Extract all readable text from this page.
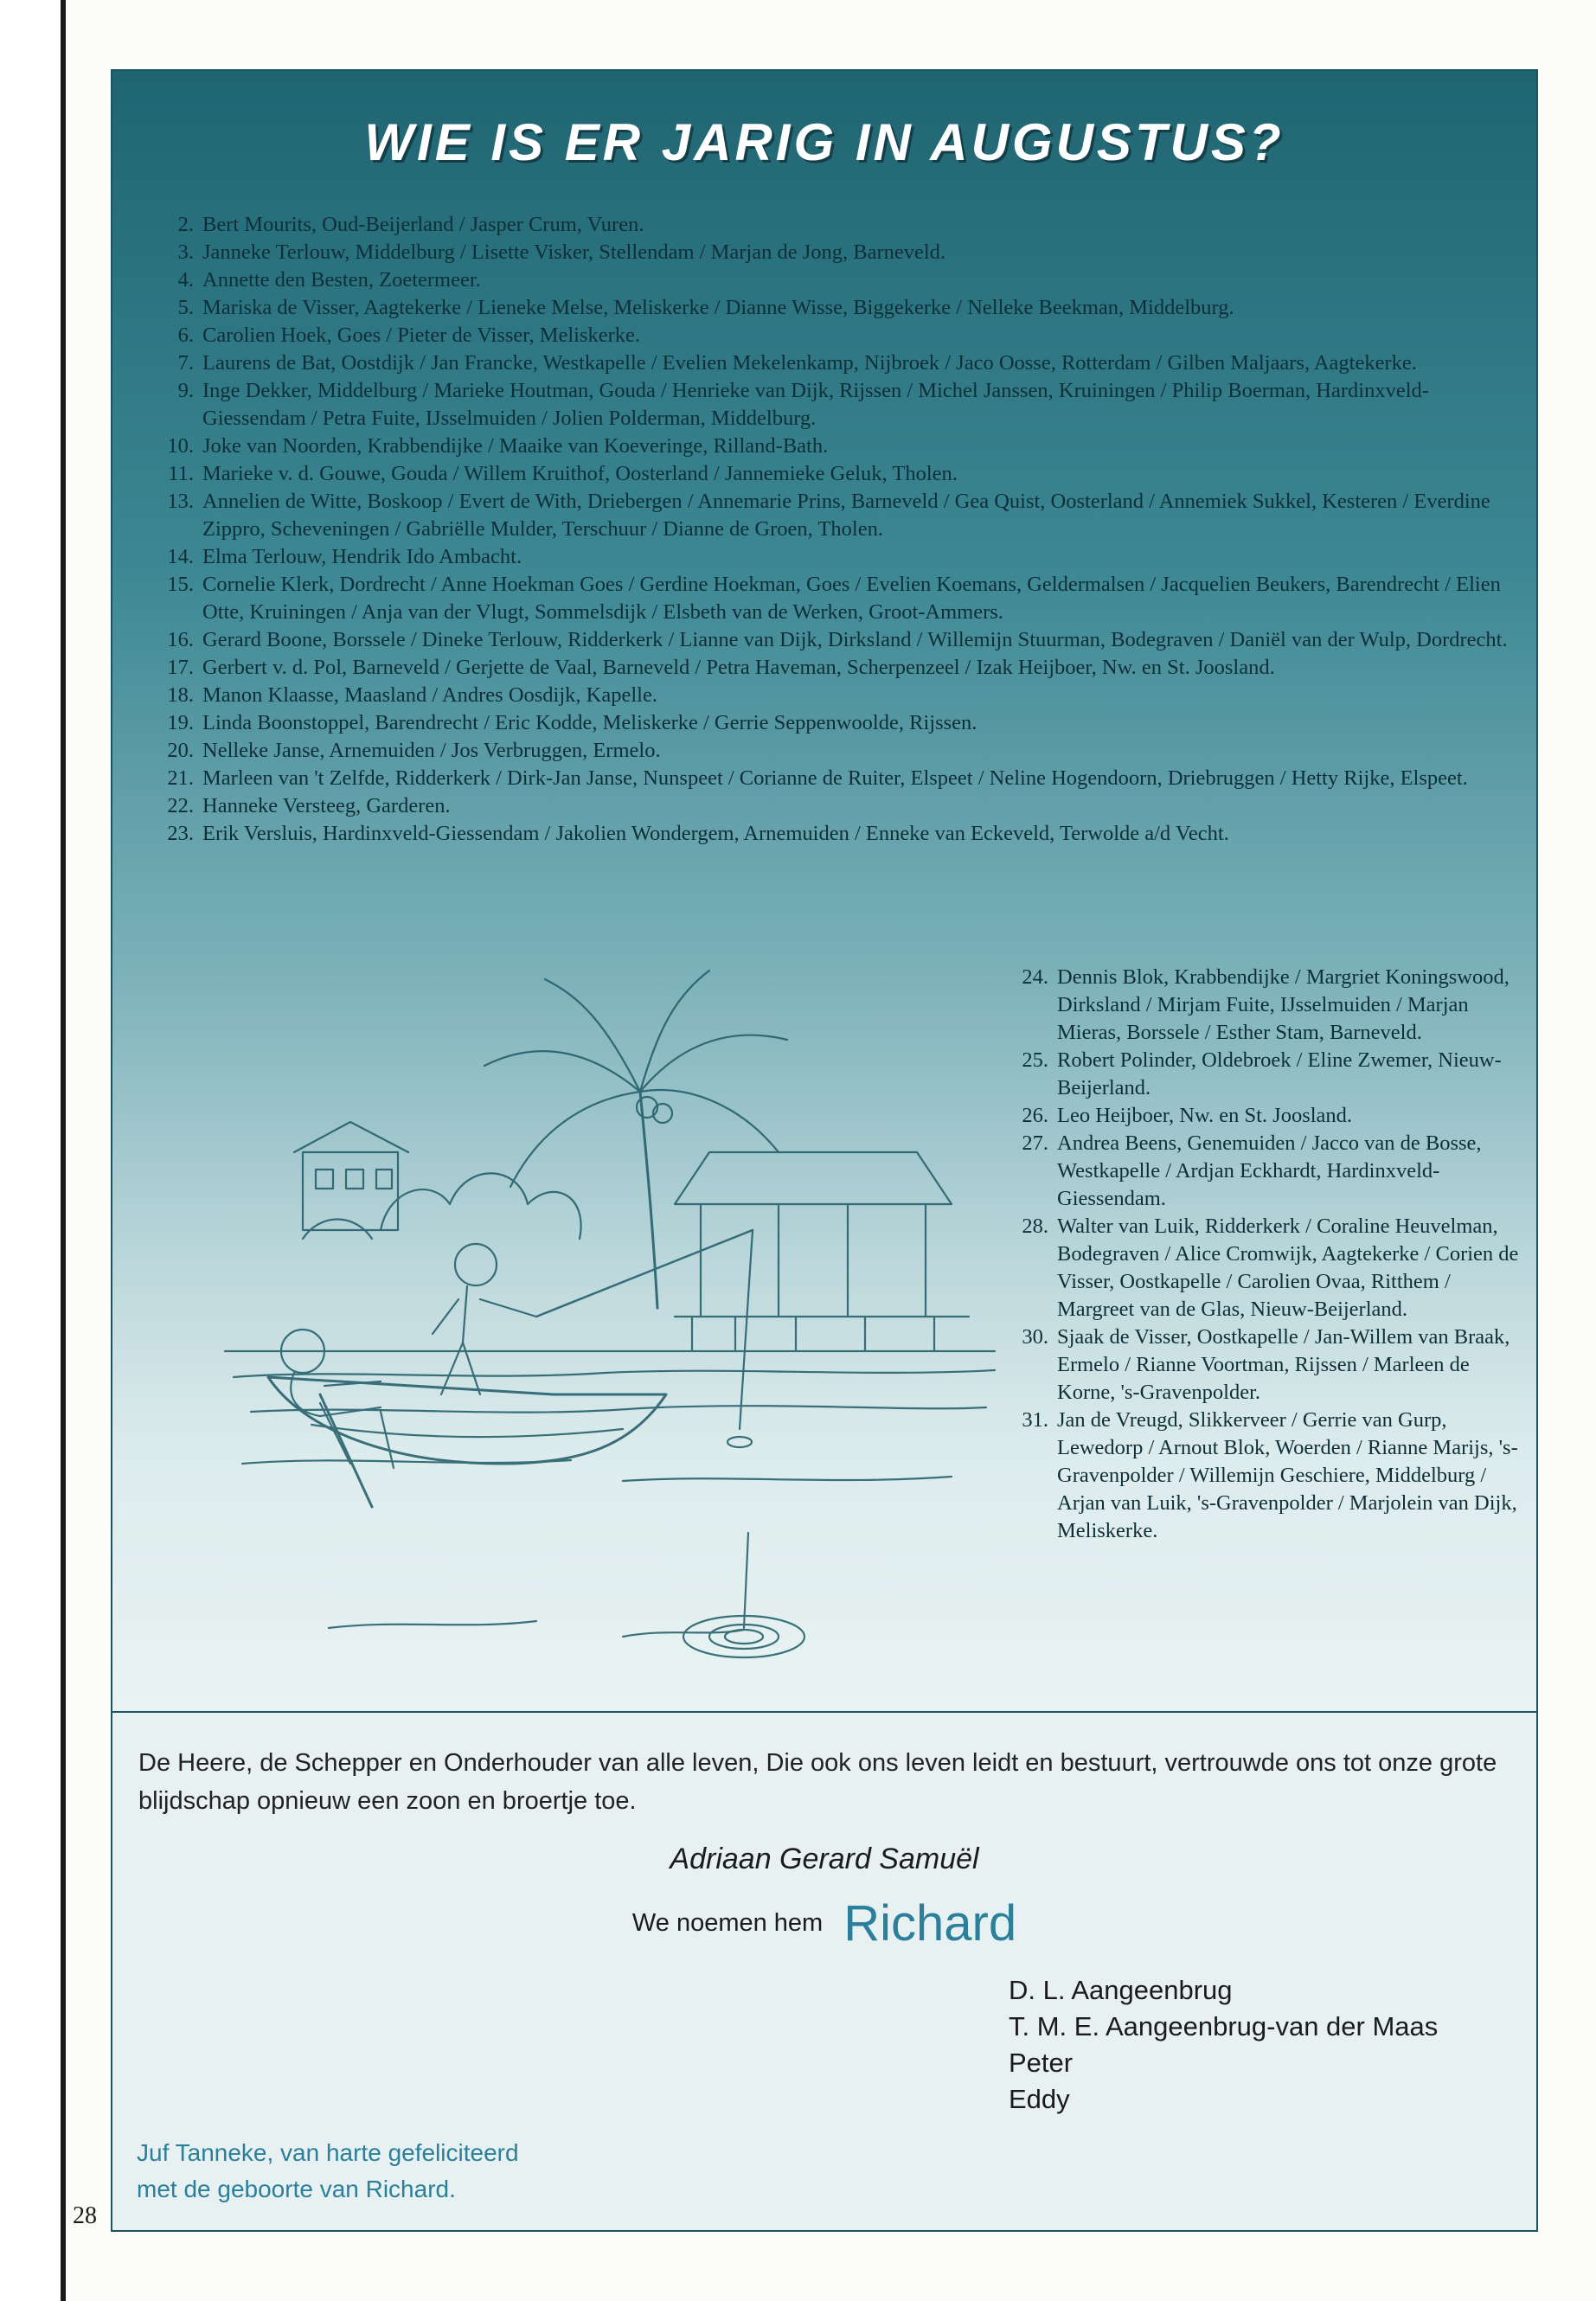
WIE IS ER JARIG IN AUGUSTUS?
2. Bert Mourits, Oud-Beijerland / Jasper Crum, Vuren.
3. Janneke Terlouw, Middelburg / Lisette Visker, Stellendam / Marjan de Jong, Barneveld.
4. Annette den Besten, Zoetermeer.
5. Mariska de Visser, Aagtekerke / Lieneke Melse, Meliskerke / Dianne Wisse, Biggekerke / Nelleke Beekman, Middelburg.
6. Carolien Hoek, Goes / Pieter de Visser, Meliskerke.
7. Laurens de Bat, Oostdijk / Jan Francke, Westkapelle / Evelien Mekelenkamp, Nijbroek / Jaco Oosse, Rotterdam / Gilben Maljaars, Aagtekerke.
9. Inge Dekker, Middelburg / Marieke Houtman, Gouda / Henrieke van Dijk, Rijssen / Michel Janssen, Kruiningen / Philip Boerman, Hardinxveld-Giessendam / Petra Fuite, IJsselmuiden / Jolien Polderman, Middelburg.
10. Joke van Noorden, Krabbendijke / Maaike van Koeveringe, Rilland-Bath.
11. Marieke v. d. Gouwe, Gouda / Willem Kruithof, Oosterland / Jannemieke Geluk, Tholen.
13. Annelien de Witte, Boskoop / Evert de With, Driebergen / Annemarie Prins, Barneveld / Gea Quist, Oosterland / Annemiek Sukkel, Kesteren / Everdine Zippro, Scheveningen / Gabriëlle Mulder, Terschuur / Dianne de Groen, Tholen.
14. Elma Terlouw, Hendrik Ido Ambacht.
15. Cornelie Klerk, Dordrecht / Anne Hoekman Goes / Gerdine Hoekman, Goes / Evelien Koemans, Geldermalsen / Jacquelien Beukers, Barendrecht / Elien Otte, Kruiningen / Anja van der Vlugt, Sommelsdijk / Elsbeth van de Werken, Groot-Ammers.
16. Gerard Boone, Borssele / Dineke Terlouw, Ridderkerk / Lianne van Dijk, Dirksland / Willemijn Stuurman, Bodegraven / Daniël van der Wulp, Dordrecht.
17. Gerbert v. d. Pol, Barneveld / Gerjette de Vaal, Barneveld / Petra Haveman, Scherpenzeel / Izak Heijboer, Nw. en St. Joosland.
18. Manon Klaasse, Maasland / Andres Oosdijk, Kapelle.
19. Linda Boonstoppel, Barendrecht / Eric Kodde, Meliskerke / Gerrie Seppenwoolde, Rijssen.
20. Nelleke Janse, Arnemuiden / Jos Verbruggen, Ermelo.
21. Marleen van 't Zelfde, Ridderkerk / Dirk-Jan Janse, Nunspeet / Corianne de Ruiter, Elspeet / Neline Hogendoorn, Driebruggen / Hetty Rijke, Elspeet.
22. Hanneke Versteeg, Garderen.
23. Erik Versluis, Hardinxveld-Giessendam / Jakolien Wondergem, Arnemuiden / Enneke van Eckeveld, Terwolde a/d Vecht.
24. Dennis Blok, Krabbendijke / Margriet Koningswood, Dirksland / Mirjam Fuite, IJsselmuiden / Marjan Mieras, Borssele / Esther Stam, Barneveld.
25. Robert Polinder, Oldebroek / Eline Zwemer, Nieuw-Beijerland.
26. Leo Heijboer, Nw. en St. Joosland.
27. Andrea Beens, Genemuiden / Jacco van de Bosse, Westkapelle / Ardjan Eckhardt, Hardinxveld-Giessendam.
28. Walter van Luik, Ridderkerk / Coraline Heuvelman, Bodegraven / Alice Cromwijk, Aagtekerke / Corien de Visser, Oostkapelle / Carolien Ovaa, Ritthem / Margreet van de Glas, Nieuw-Beijerland.
30. Sjaak de Visser, Oostkapelle / Jan-Willem van Braak, Ermelo / Rianne Voortman, Rijssen / Marleen de Korne, 's-Gravenpolder.
31. Jan de Vreugd, Slikkerveer / Gerrie van Gurp, Lewedorp / Arnout Blok, Woerden / Rianne Marijs, 's-Gravenpolder / Willemijn Geschiere, Middelburg / Arjan van Luik, 's-Gravenpolder / Marjolein van Dijk, Meliskerke.
De Heere, de Schepper en Onderhouder van alle leven, Die ook ons leven leidt en bestuurt, vertrouwde ons tot onze grote blijdschap opnieuw een zoon en broertje toe.
Adriaan Gerard Samuël
We noemen hem Richard
D. L. Aangeenbrug
T. M. E. Aangeenbrug-van der Maas
Peter
Eddy
Juf Tanneke, van harte gefeliciteerd
met de geboorte van Richard.
28
